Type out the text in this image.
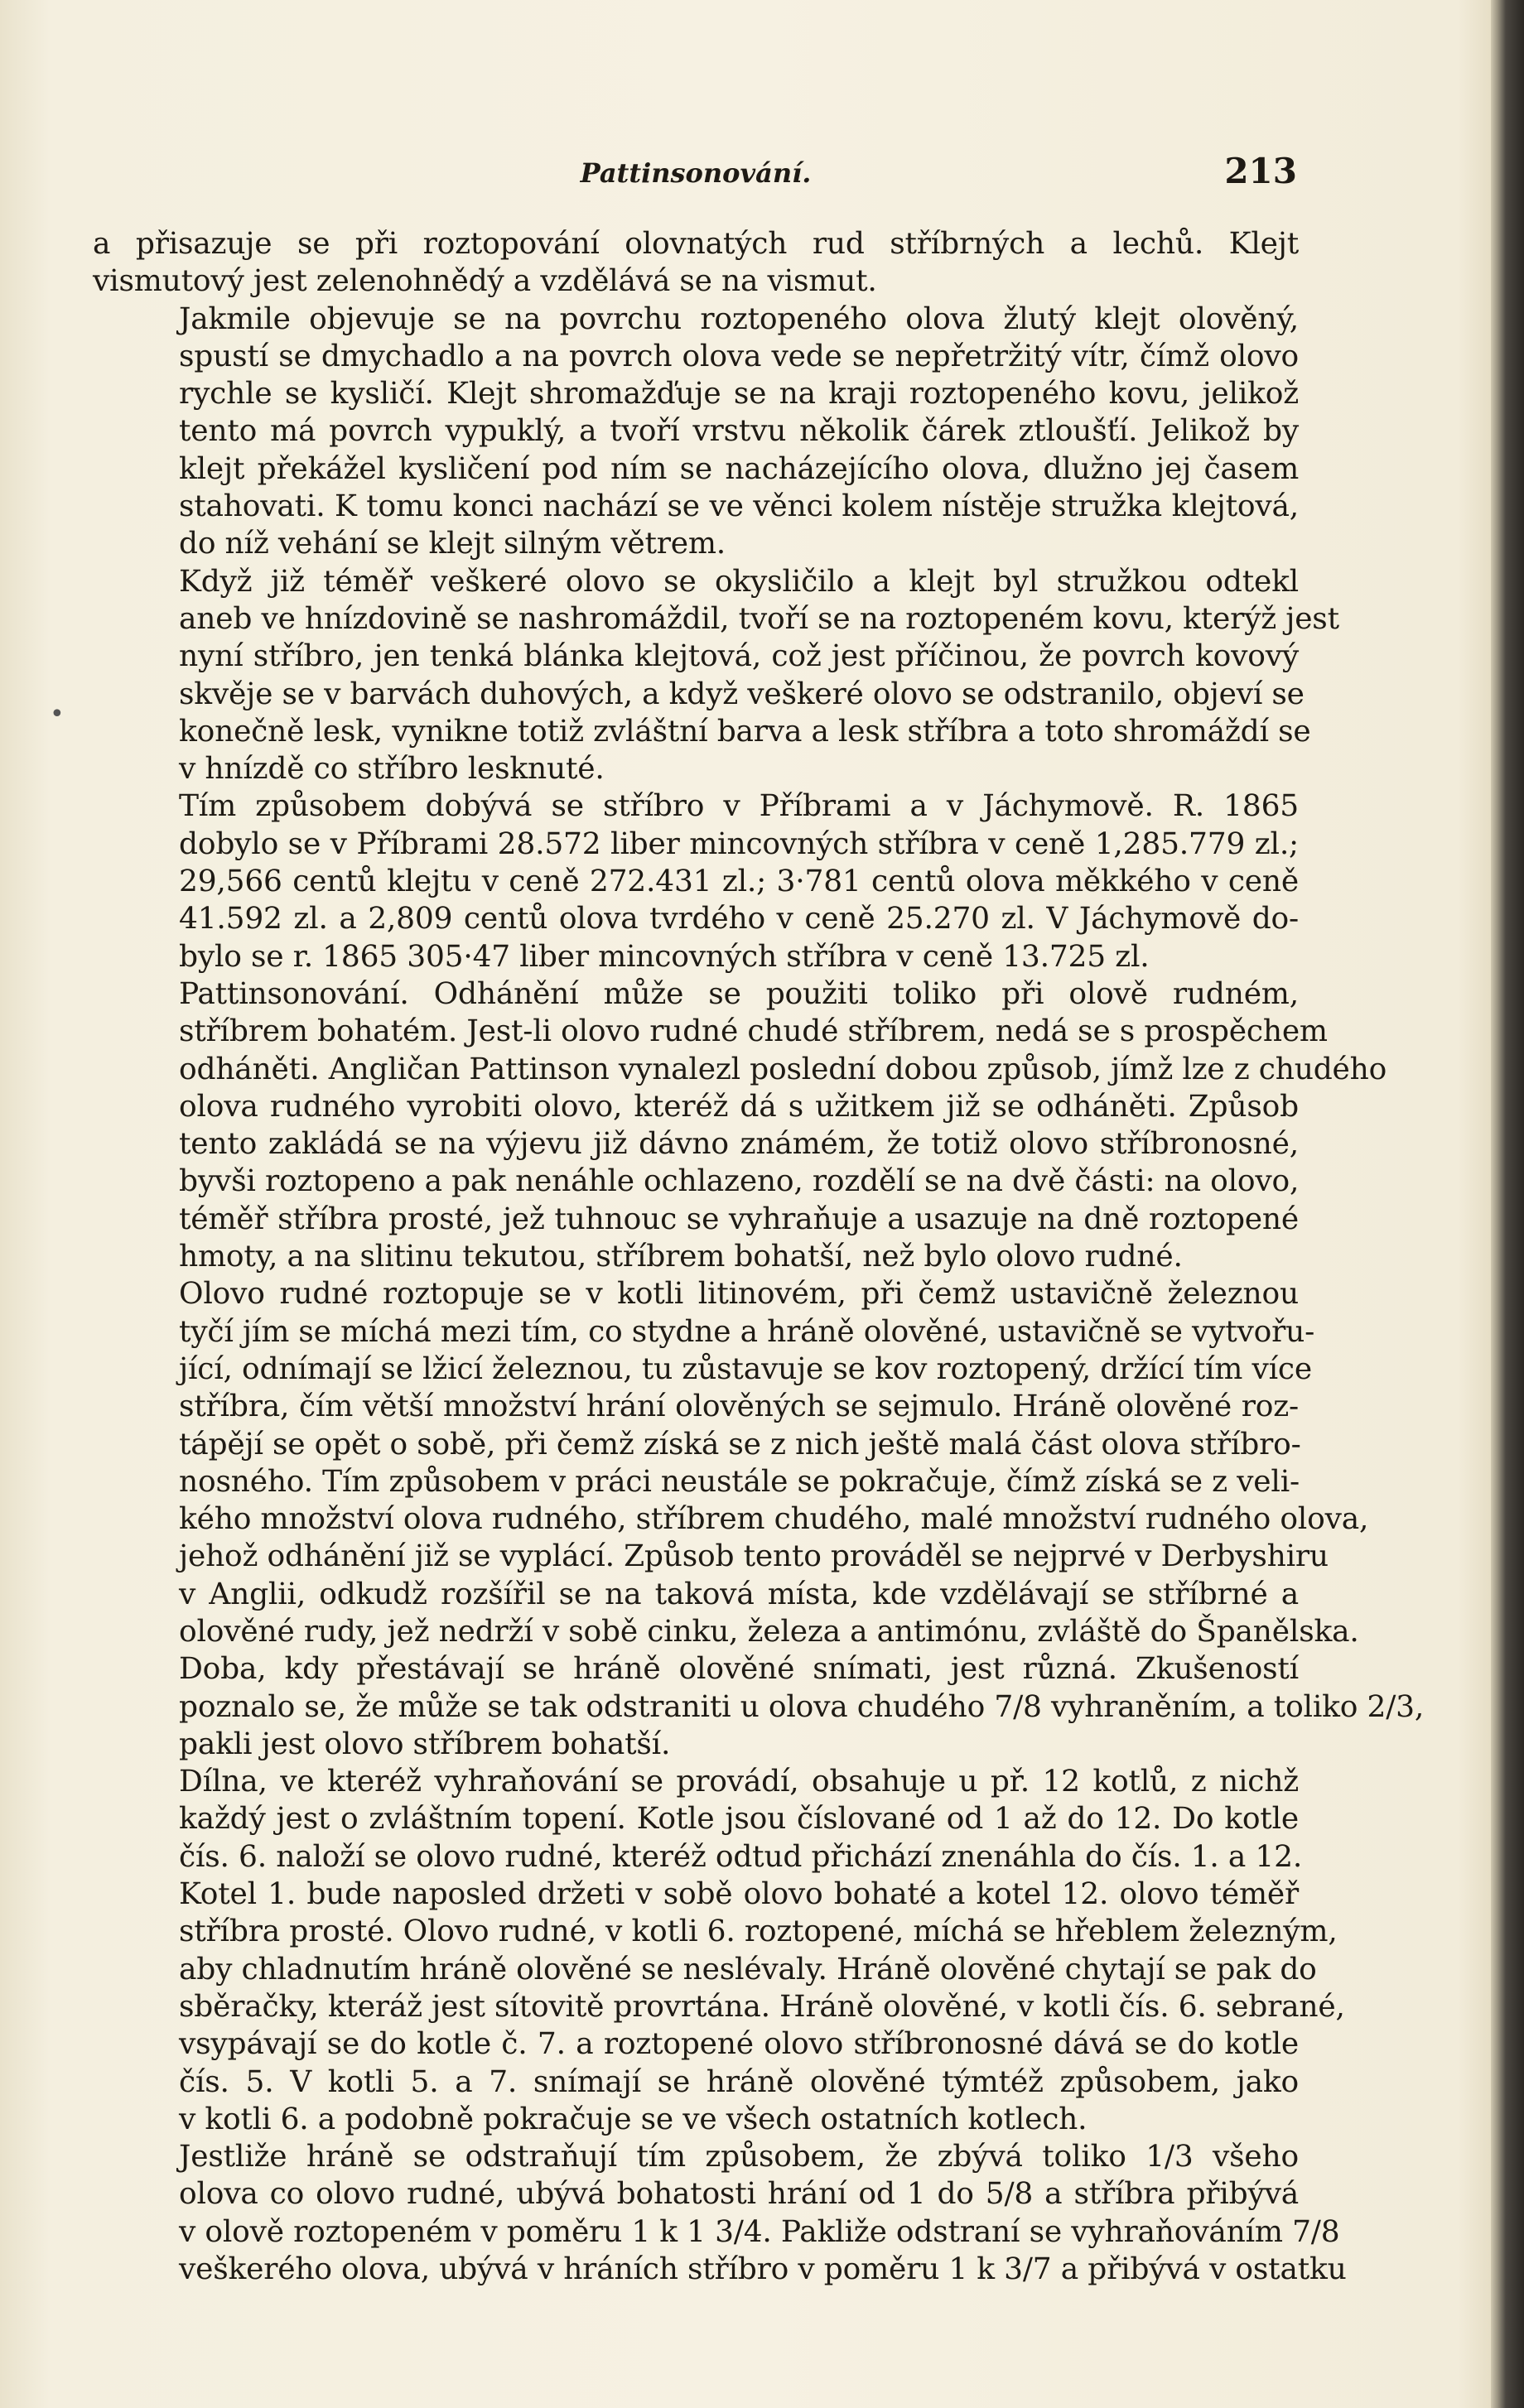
Pattinsonování.	213
•

a přisazuje se při roztopování olovnatých rud stříbrných a lechů. Klejt
vismutový jest zelenohnědý a vzdělává se na vismut.

Jakmile objevuje se na povrchu roztopeného olova žlutý klejt olověný,
spustí se dmychadlo a na povrch olova vede se nepřetržitý vítr, čímž olovo
rychle se kysličí. Klejt shromažďuje se na kraji roztopeného kovu, jelikož
tento má povrch vypuklý, a tvoří vrstvu několik čárek ztloušťí. Jelikož by
klejt překážel kysličení pod ním se nacházejícího olova, dlužno jej časem
stahovati. K tomu konci nachází se ve věnci kolem nístěje stružka klejtová,
do níž vehání se klejt silným větrem.

Když již téměř veškeré olovo se okysličilo a klejt byl stružkou odtekl
aneb ve hnízdovině se nashromáždil, tvoří se na roztopeném kovu, kterýž jest
nyní stříbro, jen tenká blánka klejtová, což jest příčinou, že povrch kovový
skvěje se v barvách duhových, a když veškeré olovo se odstranilo, objeví se
konečně lesk, vynikne totiž zvláštní barva a lesk stříbra a toto shromáždí se
v hnízdě co stříbro lesknuté.

Tím způsobem dobývá se stříbro v Příbrami a v Jáchymově. R. 1865
dobylo se v Příbrami 28.572 liber mincovných stříbra v ceně 1,285.779 zl.;
29,566 centů klejtu v ceně 272.431 zl.; 3·781 centů olova měkkého v ceně
41.592 zl. a 2,809 centů olova tvrdého v ceně 25.270 zl. V Jáchymově do-
bylo se r. 1865 305·47 liber mincovných stříbra v ceně 13.725 zl.

Pattinsonování. Odhánění může se použiti toliko při olově rudném,
stříbrem bohatém. Jest-li olovo rudné chudé stříbrem, nedá se s prospěchem
odháněti. Angličan Pattinson vynalezl poslední dobou způsob, jímž lze z chudého
olova rudného vyrobiti olovo, kteréž dá s užitkem již se odháněti. Způsob
tento zakládá se na výjevu již dávno známém, že totiž olovo stříbronosné,
byvši roztopeno a pak nenáhle ochlazeno, rozdělí se na dvě části: na olovo,
téměř stříbra prosté, jež tuhnouc se vyhraňuje a usazuje na dně roztopené
hmoty, a na slitinu tekutou, stříbrem bohatší, než bylo olovo rudné.

Olovo rudné roztopuje se v kotli litinovém, při čemž ustavičně železnou
tyčí jím se míchá mezi tím, co stydne a hráně olověné, ustavičně se vytvořu-
jící, odnímají se lžicí železnou, tu zůstavuje se kov roztopený, držící tím více
stříbra, čím větší množství hrání olověných se sejmulo. Hráně olověné roz-
tápějí se opět o sobě, při čemž získá se z nich ještě malá část olova stříbro-
nosného. Tím způsobem v práci neustále se pokračuje, čímž získá se z veli-
kého množství olova rudného, stříbrem chudého, malé množství rudného olova,
jehož odhánění již se vyplácí. Způsob tento prováděl se nejprvé v Derbyshiru
v Anglii, odkudž rozšířil se na taková místa, kde vzdělávají se stříbrné a
olověné rudy, jež nedrží v sobě cinku, železa a antimónu, zvláště do Španělska.

Doba, kdy přestávají se hráně olověné snímati, jest různá. Zkušeností
poznalo se, že může se tak odstraniti u olova chudého 7/8 vyhraněním, a toliko 2/3,
pakli jest olovo stříbrem bohatší.

Dílna, ve kteréž vyhraňování se provádí, obsahuje u př. 12 kotlů, z nichž
každý jest o zvláštním topení. Kotle jsou číslované od 1 až do 12. Do kotle
čís. 6. naloží se olovo rudné, kteréž odtud přichází znenáhla do čís. 1. a 12.
Kotel 1. bude naposled držeti v sobě olovo bohaté a kotel 12. olovo téměř
stříbra prosté. Olovo rudné, v kotli 6. roztopené, míchá se hřeblem železným,
aby chladnutím hráně olověné se neslévaly. Hráně olověné chytají se pak do
sběračky, kteráž jest sítovitě provrtána. Hráně olověné, v kotli čís. 6. sebrané,
vsypávají se do kotle č. 7. a roztopené olovo stříbronosné dává se do kotle
čís. 5. V kotli 5. a 7. snímají se hráně olověné týmtéž způsobem, jako
v kotli 6. a podobně pokračuje se ve všech ostatních kotlech.

Jestliže hráně se odstraňují tím způsobem, že zbývá toliko 1/3 všeho
olova co olovo rudné, ubývá bohatosti hrání od 1 do 5/8 a stříbra přibývá
v olově roztopeném v poměru 1 k 1 3/4. Pakliže odstraní se vyhraňováním 7/8
veškerého olova, ubývá v hráních stříbro v poměru 1 k 3/7 a přibývá v ostatku
